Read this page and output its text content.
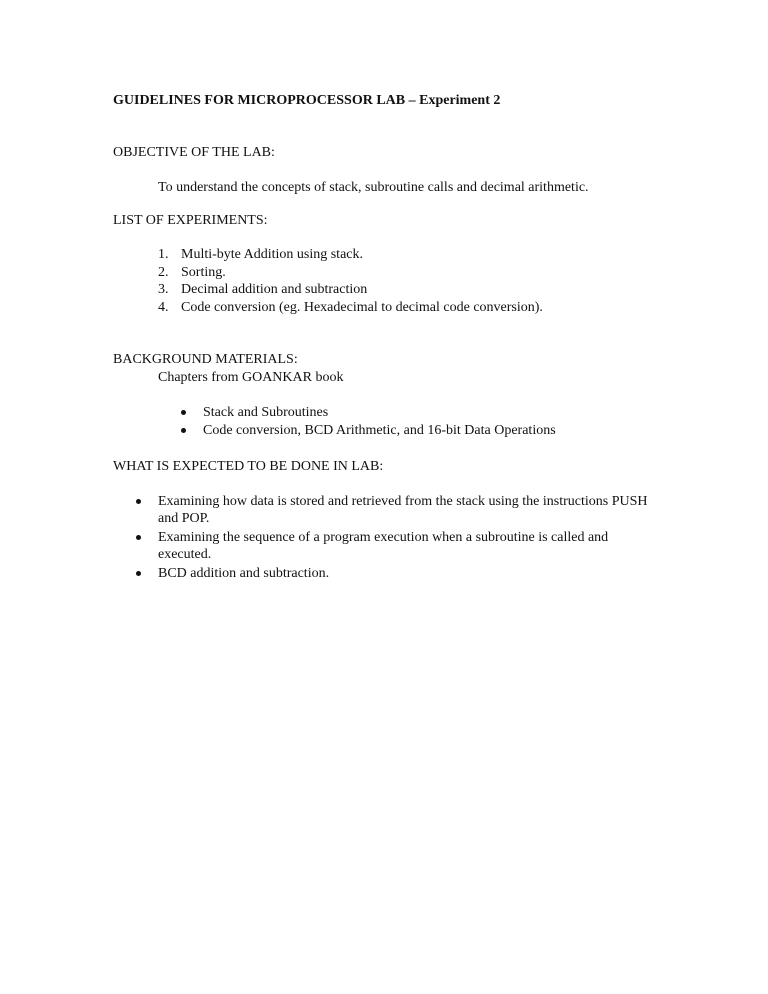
GUIDELINES FOR MICROPROCESSOR LAB – Experiment 2
OBJECTIVE OF THE LAB:
To understand the concepts of stack, subroutine calls and decimal arithmetic.
LIST OF EXPERIMENTS:
1. Multi-byte Addition using stack.
2. Sorting.
3. Decimal addition and subtraction
4. Code conversion (eg. Hexadecimal to decimal code conversion).
BACKGROUND MATERIALS:
Chapters from GOANKAR book
Stack and Subroutines
Code conversion, BCD Arithmetic, and 16-bit Data Operations
WHAT IS EXPECTED TO BE DONE IN LAB:
Examining how data is stored and retrieved from the stack using the instructions PUSH and POP.
Examining the sequence of a program execution when a subroutine is called and executed.
BCD addition and subtraction.
